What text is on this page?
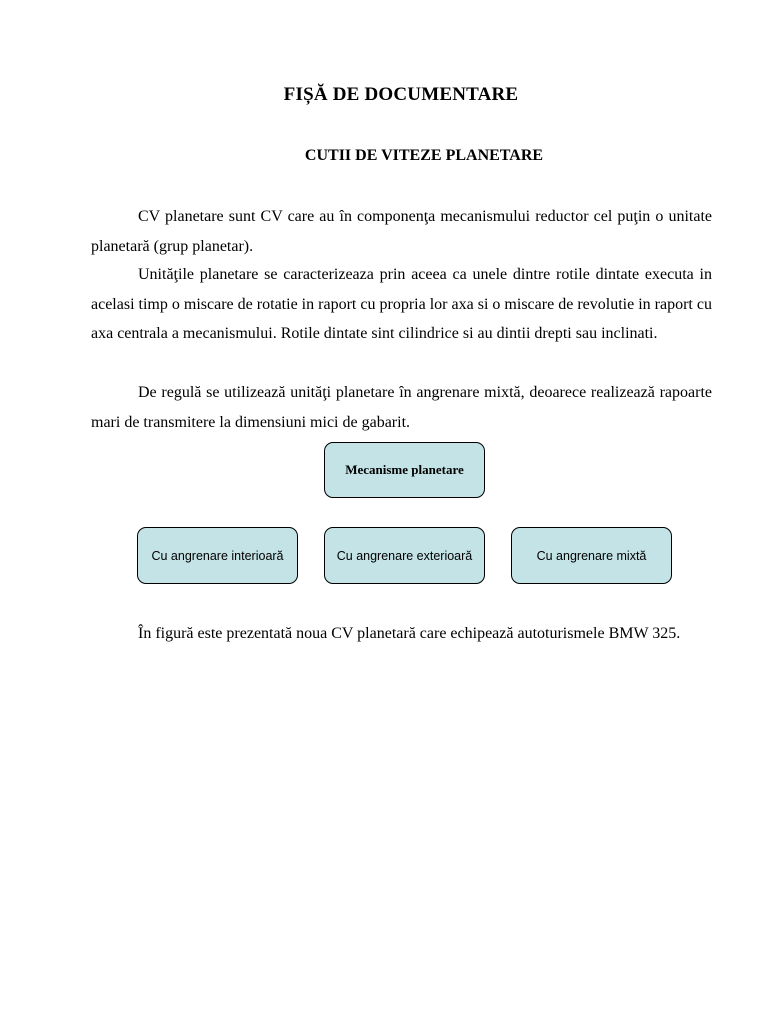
FIȘĂ DE DOCUMENTARE
CUTII DE VITEZE PLANETARE

CV planetare sunt CV care au în componenţa mecanismului reductor cel puţin o unitate planetară (grup planetar).

Unităţile planetare se caracterizeaza prin aceea ca unele dintre rotile dintate executa in acelasi timp o miscare de rotatie in raport cu propria lor axa si o miscare de revolutie in raport cu axa centrala a mecanismului. Rotile dintate sint cilindrice si au dintii drepti sau inclinati.

De regulă se utilizează unităţi planetare în angrenare mixtă, deoarece realizează rapoarte mari de transmitere la dimensiuni mici de gabarit.

Mecanisme planetare
Cu angrenare interioară	Cu angrenare exterioară	Cu angrenare mixtă

În figură este prezentată noua CV planetară care echipează autoturismele BMW 325.
